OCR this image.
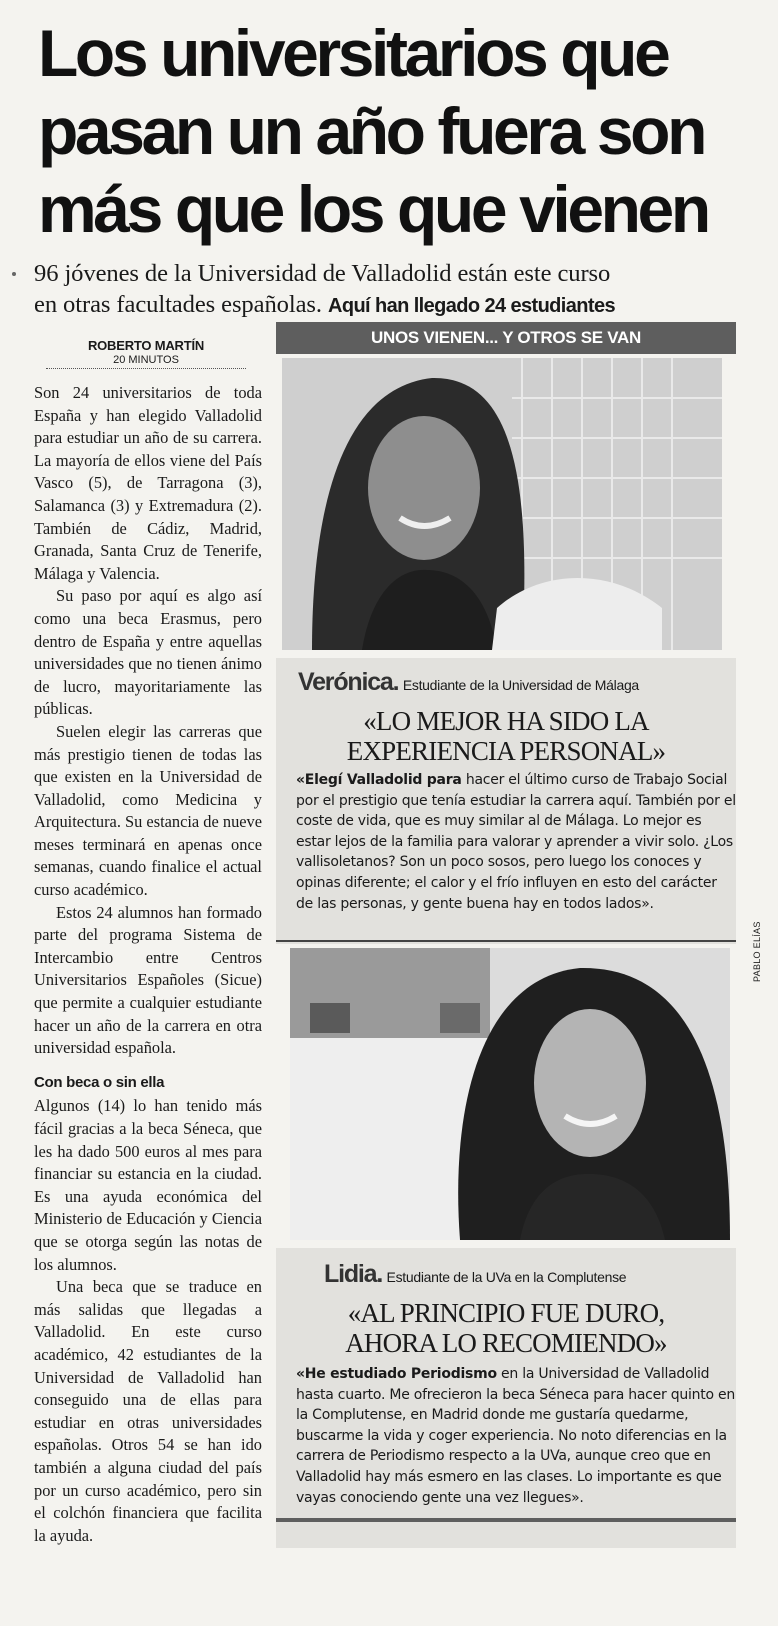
Los universitarios que
pasan un año fuera son
más que los que vienen
96 jóvenes de la Universidad de Valladolid están este curso
en otras facultades españolas. Aquí han llegado 24 estudiantes
ROBERTO MARTÍN
20 MINUTOS

Son 24 universitarios de toda España y han elegido Valladolid para estudiar un año de su carrera. La mayoría de ellos viene del País Vasco (5), de Tarragona (3), Salamanca (3) y Extremadura (2). También de Cádiz, Madrid, Granada, Santa Cruz de Tenerife, Málaga y Valencia.

Su paso por aquí es algo así como una beca Erasmus, pero dentro de España y entre aquellas universidades que no tienen ánimo de lucro, mayoritariamente las públicas.

Suelen elegir las carreras que más prestigio tienen de todas las que existen en la Universidad de Valladolid, como Medicina y Arquitectura. Su estancia de nueve meses terminará en apenas once semanas, cuando finalice el actual curso académico.

Estos 24 alumnos han formado parte del programa Sistema de Intercambio entre Centros Universitarios Españoles (Sicue) que permite a cualquier estudiante hacer un año de la carrera en otra universidad española.

Con beca o sin ella

Algunos (14) lo han tenido más fácil gracias a la beca Séneca, que les ha dado 500 euros al mes para financiar su estancia en la ciudad. Es una ayuda económica del Ministerio de Educación y Ciencia que se otorga según las notas de los alumnos.

Una beca que se traduce en más salidas que llegadas a Valladolid. En este curso académico, 42 estudiantes de la Universidad de Valladolid han conseguido una de ellas para estudiar en otras universidades españolas. Otros 54 se han ido también a alguna ciudad del país por un curso académico, pero sin el colchón financiera que facilita la ayuda.

UNOS VIENEN... Y OTROS SE VAN
PABLO ELÍAS
Verónica. Estudiante de la Universidad de Málaga
«LO MEJOR HA SIDO LA
EXPERIENCIA PERSONAL»
«Elegí Valladolid para hacer el último curso de Trabajo Social por el prestigio que tenía estudiar la carrera aquí. También por el coste de vida, que es muy similar al de Málaga. Lo mejor es estar lejos de la familia para valorar y aprender a vivir solo. ¿Los vallisoletanos? Son un poco sosos, pero luego los conoces y opinas diferente; el calor y el frío influyen en esto del carácter de las personas, y gente buena hay en todos lados».
Lidia. Estudiante de la UVa en la Complutense
«AL PRINCIPIO FUE DURO,
AHORA LO RECOMIENDO»
«He estudiado Periodismo en la Universidad de Valladolid hasta cuarto. Me ofrecieron la beca Séneca para hacer quinto en la Complutense, en Madrid donde me gustaría quedarme, buscarme la vida y coger experiencia. No noto diferencias en la carrera de Periodismo respecto a la UVa, aunque creo que en Valladolid hay más esmero en las clases. Lo importante es que vayas conociendo gente una vez llegues».
